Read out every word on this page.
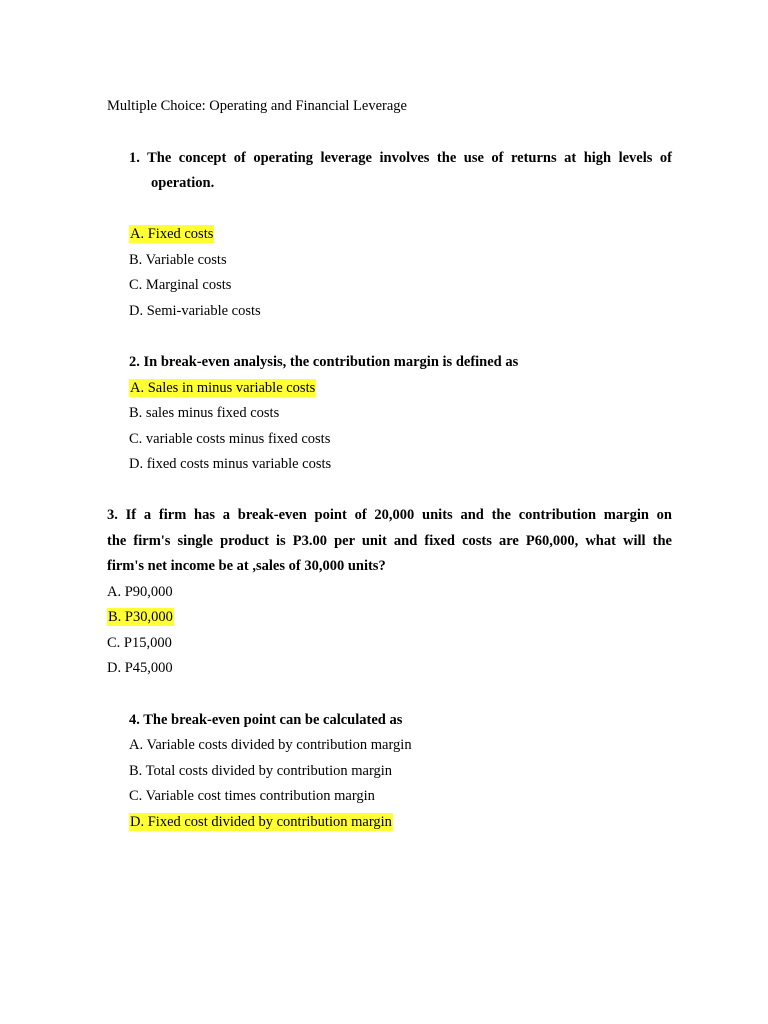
Multiple Choice: Operating and Financial Leverage
1. The concept of operating leverage involves the use of returns at high levels of
operation.
A. Fixed costs
B. Variable costs
C. Marginal costs
D. Semi-variable costs
2. In break-even analysis, the contribution margin is defined as
A. Sales in minus variable costs
B. sales minus fixed costs
C. variable costs minus fixed costs
D. fixed costs minus variable costs
3. If a firm has a break-even point of 20,000 units and the contribution margin on
the firm's single product is P3.00 per unit and fixed costs are P60,000, what will the
firm's net income be at ,sales of 30,000 units?
A. P90,000
B. P30,000
C. P15,000
D. P45,000
4. The break-even point can be calculated as
A. Variable costs divided by contribution margin
B. Total costs divided by contribution margin
C. Variable cost times contribution margin
D. Fixed cost divided by contribution margin
